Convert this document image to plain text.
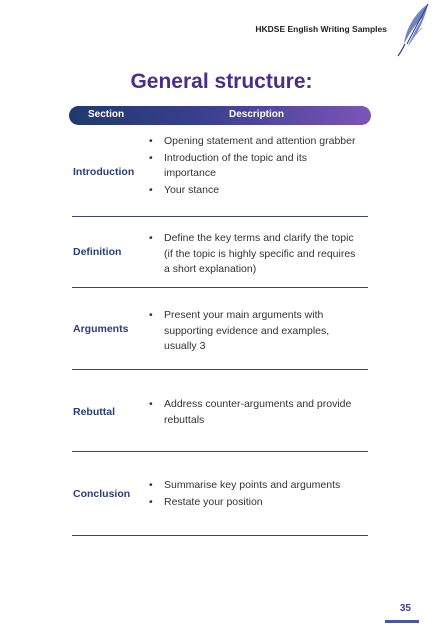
HKDSE English Writing Samples
General structure:
Section	Description
Introduction
• Opening statement and attention grabber
• Introduction of the topic and its importance
• Your stance
Definition
• Define the key terms and clarify the topic (if the topic is highly specific and requires a short explanation)
Arguments
• Present your main arguments with supporting evidence and examples, usually 3
Rebuttal
• Address counter-arguments and provide rebuttals
Conclusion
• Summarise key points and arguments
• Restate your position
35
